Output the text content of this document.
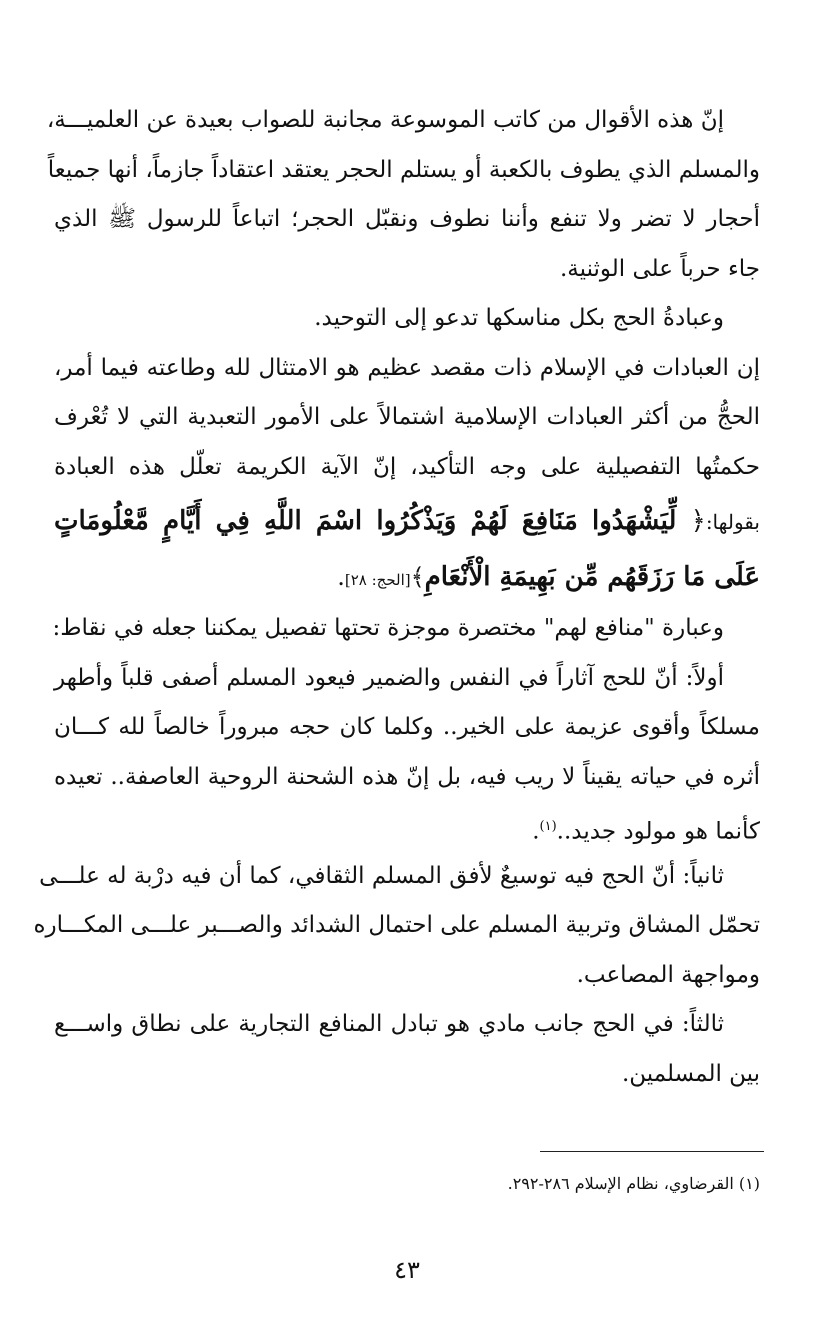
إنّ هذه الأقوال من كاتب الموسوعة مجانبة للصواب بعيدة عن العلميـــة،
والمسلم الذي يطوف بالكعبة أو يستلم الحجر يعتقد اعتقاداً جازماً، أنها جميعاً
أحجار لا تضر ولا تنفع وأننا نطوف ونقبّل الحجر؛ اتباعاً للرسول ﷺ الذي
جاء حرباً على الوثنية.
وعبادةُ الحج بكل مناسكها تدعو إلى التوحيد.
إن العبادات في الإسلام ذات مقصد عظيم هو الامتثال لله وطاعته فيما أمر،
الحجُّ من أكثر العبادات الإسلامية اشتمالاً على الأمور التعبدية التي لا تُعْرف
حكمتُها التفصيلية على وجه التأكيد، إنّ الآية الكريمة تعلّل هذه العبادة
بقولها:﴿ لِّيَشْهَدُوا مَنَافِعَ لَهُمْ وَيَذْكُرُوا اسْمَ اللَّهِ فِي أَيَّامٍ مَّعْلُومَاتٍ
عَلَى مَا رَزَقَهُم مِّن بَهِيمَةِ الْأَنْعَامِ﴾[الحج: ٢٨].
وعبارة "منافع لهم" مختصرة موجزة تحتها تفصيل يمكننا جعله في نقاط:
أولاً: أنّ للحج آثاراً في النفس والضمير فيعود المسلم أصفى قلباً وأطهر
مسلكاً وأقوى عزيمة على الخير.. وكلما كان حجه مبروراً خالصاً لله كـــان
أثره في حياته يقيناً لا ريب فيه، بل إنّ هذه الشحنة الروحية العاصفة.. تعيده
كأنما هو مولود جديد..$^{(١)}$.
ثانياً: أنّ الحج فيه توسيعٌ لأفق المسلم الثقافي، كما أن فيه درْبة له علـــى
تحمّل المشاق وتربية المسلم على احتمال الشدائد والصـــبر علـــى المكـــاره
ومواجهة المصاعب.
ثالثاً: في الحج جانب مادي هو تبادل المنافع التجارية على نطاق واســـع
بين المسلمين.
(١) القرضاوي، نظام الإسلام ٢٨٦-٢٩٢.
٤٣
